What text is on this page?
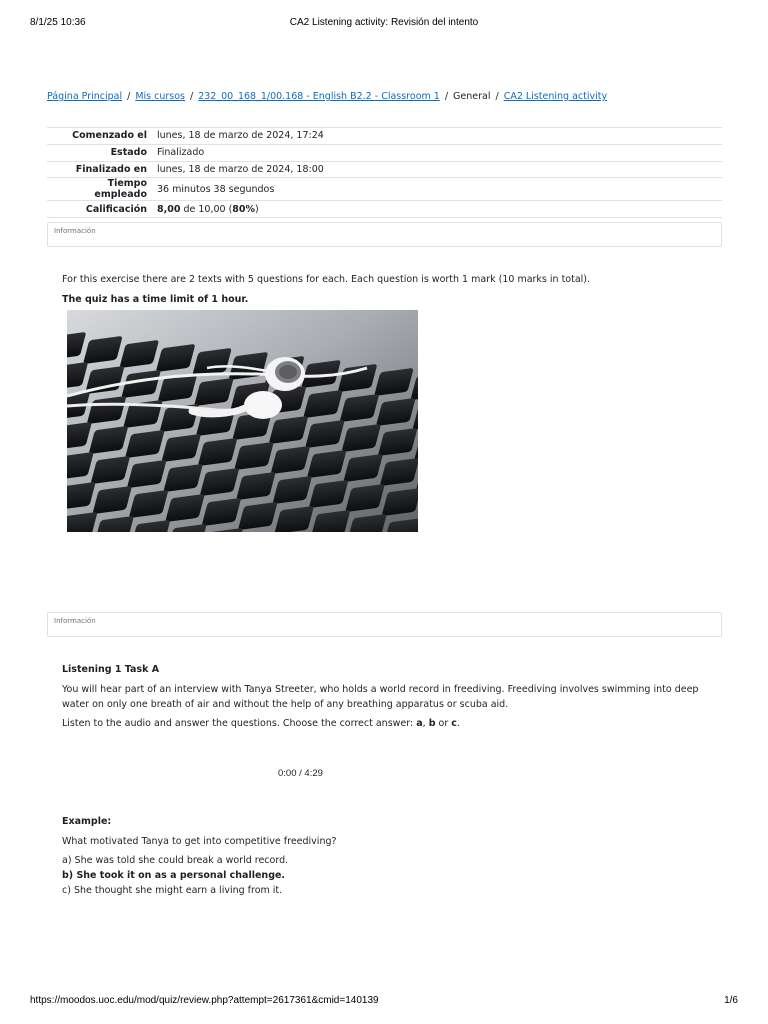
8/1/25 10:36	CA2 Listening activity: Revisión del intento
Página Principal / Mis cursos / 232_00_168_1/00.168 - English B2.2 - Classroom 1 / General / CA2 Listening activity
Comenzado el	lunes, 18 de marzo de 2024, 17:24
Estado	Finalizado
Finalizado en	lunes, 18 de marzo de 2024, 18:00
Tiempo empleado	36 minutos 38 segundos
Calificación	8,00 de 10,00 (80%)
Información
For this exercise there are 2 texts with 5 questions for each. Each question is worth 1 mark (10 marks in total).
The quiz has a time limit of 1 hour.
Información
Listening 1 Task A
You will hear part of an interview with Tanya Streeter, who holds a world record in freediving. Freediving involves swimming into deep water on only one breath of air and without the help of any breathing apparatus or scuba aid.
Listen to the audio and answer the questions. Choose the correct answer: a, b or c.
0:00 / 4:29
Example:
What motivated Tanya to get into competitive freediving?
a) She was told she could break a world record.
b) She took it on as a personal challenge.
c) She thought she might earn a living from it.
https://moodos.uoc.edu/mod/quiz/review.php?attempt=2617361&cmid=140139	1/6
